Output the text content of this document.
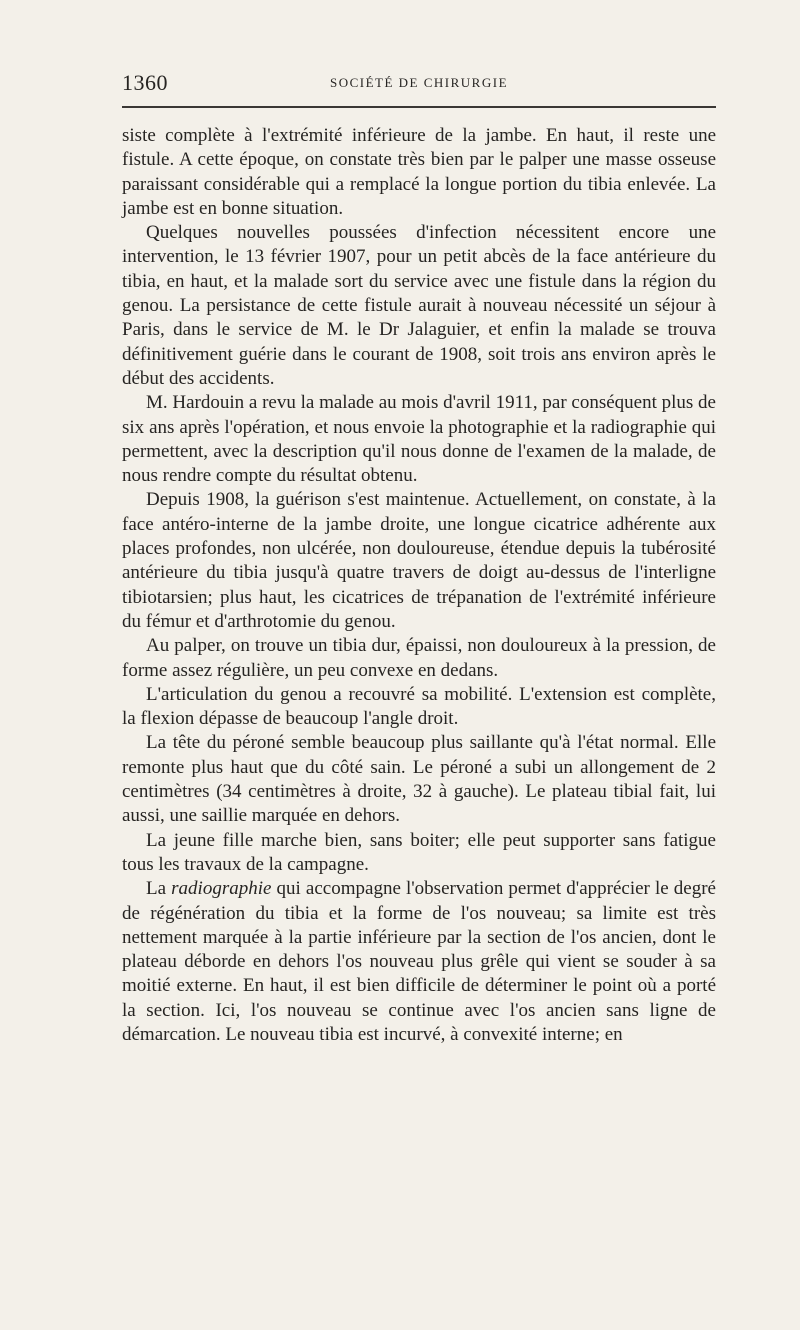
1360	SOCIÉTÉ DE CHIRURGIE

siste complète à l'extrémité inférieure de la jambe. En haut, il reste une fistule. A cette époque, on constate très bien par le palper une masse osseuse paraissant considérable qui a remplacé la longue portion du tibia enlevée. La jambe est en bonne situation.

Quelques nouvelles poussées d'infection nécessitent encore une intervention, le 13 février 1907, pour un petit abcès de la face antérieure du tibia, en haut, et la malade sort du service avec une fistule dans la région du genou. La persistance de cette fistule aurait à nouveau nécessité un séjour à Paris, dans le service de M. le Dr Jalaguier, et enfin la malade se trouva définitivement guérie dans le courant de 1908, soit trois ans environ après le début des accidents.

M. Hardouin a revu la malade au mois d'avril 1911, par conséquent plus de six ans après l'opération, et nous envoie la photographie et la radiographie qui permettent, avec la description qu'il nous donne de l'examen de la malade, de nous rendre compte du résultat obtenu.

Depuis 1908, la guérison s'est maintenue. Actuellement, on constate, à la face antéro-interne de la jambe droite, une longue cicatrice adhérente aux places profondes, non ulcérée, non douloureuse, étendue depuis la tubérosité antérieure du tibia jusqu'à quatre travers de doigt au-dessus de l'interligne tibiotarsien; plus haut, les cicatrices de trépanation de l'extrémité inférieure du fémur et d'arthrotomie du genou.

Au palper, on trouve un tibia dur, épaissi, non douloureux à la pression, de forme assez régulière, un peu convexe en dedans.

L'articulation du genou a recouvré sa mobilité. L'extension est complète, la flexion dépasse de beaucoup l'angle droit.

La tête du péroné semble beaucoup plus saillante qu'à l'état normal. Elle remonte plus haut que du côté sain. Le péroné a subi un allongement de 2 centimètres (34 centimètres à droite, 32 à gauche). Le plateau tibial fait, lui aussi, une saillie marquée en dehors.

La jeune fille marche bien, sans boiter; elle peut supporter sans fatigue tous les travaux de la campagne.

La radiographie qui accompagne l'observation permet d'apprécier le degré de régénération du tibia et la forme de l'os nouveau; sa limite est très nettement marquée à la partie inférieure par la section de l'os ancien, dont le plateau déborde en dehors l'os nouveau plus grêle qui vient se souder à sa moitié externe. En haut, il est bien difficile de déterminer le point où a porté la section. Ici, l'os nouveau se continue avec l'os ancien sans ligne de démarcation. Le nouveau tibia est incurvé, à convexité interne; en
